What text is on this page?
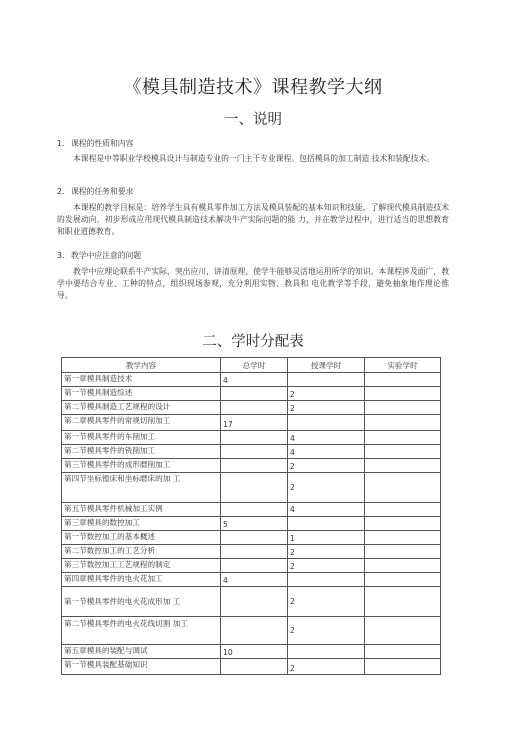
《模具制造技术》课程教学大纲
一、说明
1. 课程的性质和内容
本课程是中等职业学校模具设计与制造专业的一门主干专业课程。包括模具的加工制造 技术和装配技术。
2. 课程的任务和要求
本课程的教学目标是：培养学生具有模具零件加工方法及模具装配的基本知识和技能，了解现代模具制造技术的发展动向，初步形成应用现代模具制造技术解决牛产实际问题的能 力，并在教学过程中，进行适当的思想教育和职业道德教育。
3. 教学中应注意的问题
教学中应理论联系牛产实际，突出应川，讲清原理，使学牛能够灵活地运用所学的知识。本课程涉及面广，教学中要结合专业、工种的特点，组织现场参观，充分利用实物、教具和 电化教学等手段，避免抽象地作理论推导。
二、学时分配表
教学内容	总学时	授课学时	实验学时
第一章模具制造技术	4		
第一节模具制造综述		2	
第二节模具制造工艺规程的设计		2	
第二章模具零件的常规切削加工	17		
第一节模具零件的车削加工		4	
第二节模具零件的铣削加工		4	
第三节模具零件的成形磨削加工		2	
第四节坐标镗床和坐标磨床的加 工		2	
第五节模具零件机械加工实例		4	
第三章模具的数控加工	5		
第一节数控加工的基本概述		1	
第二节数控加工的工艺分析		2	
第三节数控加工工艺规程的制定		2	
第四章模具零件的电火花加工	4		
第一节模具零件的电火花成形加 工		2	
第二节模具零件的电火花线切割 加工		2	
第五章模具的装配与调试	10		
第一节模具装配基础知识		2	
